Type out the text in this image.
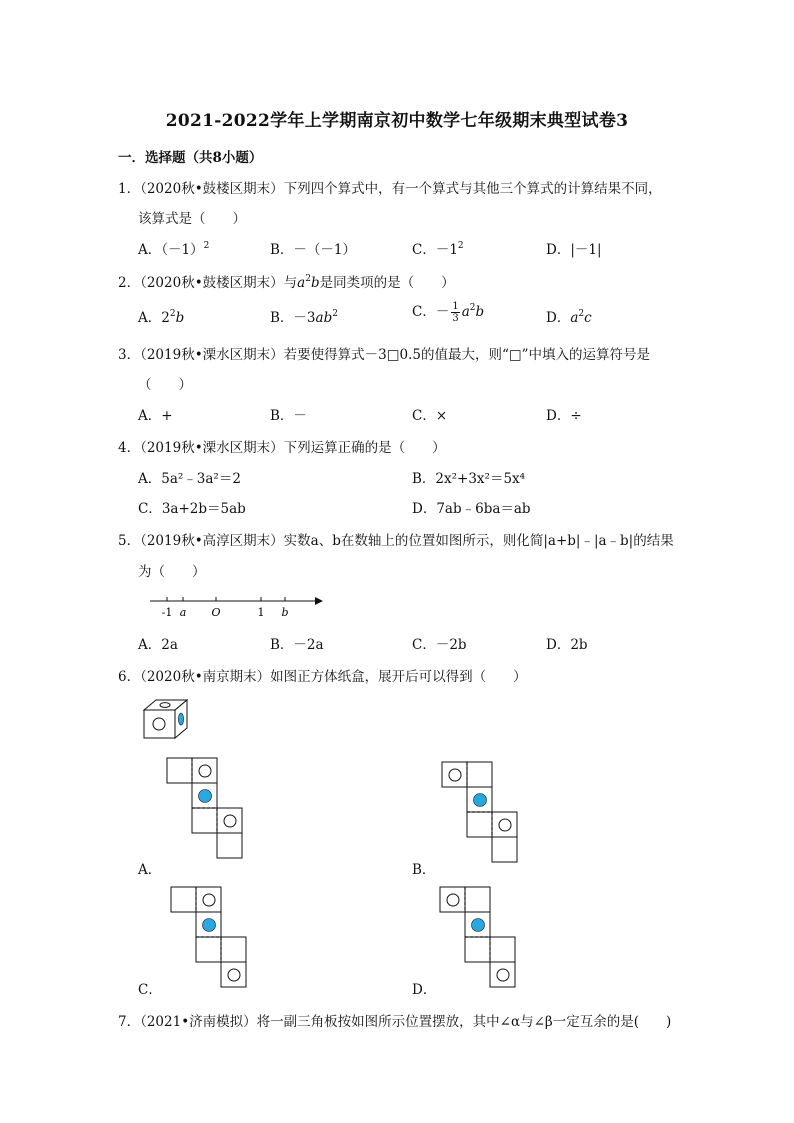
2021-2022学年上学期南京初中数学七年级期末典型试卷3
一．选择题（共8小题）
1．（2020秋•鼓楼区期末）下列四个算式中，有一个算式与其他三个算式的计算结果不同，
该算式是（　　）
A．$(-1)^2$	B．－（－1）	C．$-1^2$	D．|－1|
2．（2020秋•鼓楼区期末）与$a^2b$是同类项的是（　　）
A．$2^2b$	B．$-3ab^2$	C．－ $\frac{1}{3} a^2b$	D．$a^2c$
3．（2019秋•溧水区期末）若要使得算式－3□0.5的值最大，则“□”中填入的运算符号是
（　　）
A．+	B．－	C．×	D．÷
4．（2019秋•溧水区期末）下列运算正确的是（　　）
A．5a²﹣3a²＝2	B．2x²+3x²＝5x⁴
C．3a+2b＝5ab	D．7ab﹣6ba＝ab
5．（2019秋•高淳区期末）实数a、b在数轴上的位置如图所示，则化简|a+b|﹣|a﹣b|的结果
为（　　）
-1 a O	1 b
A．2a	B．－2a	C．－2b	D．2b
6．（2020秋•南京期末）如图正方体纸盒，展开后可以得到（　　）
A．	B．
C．	D．
7．（2021•济南模拟）将一副三角板按如图所示位置摆放，其中∠α与∠β一定互余的是(　　)
